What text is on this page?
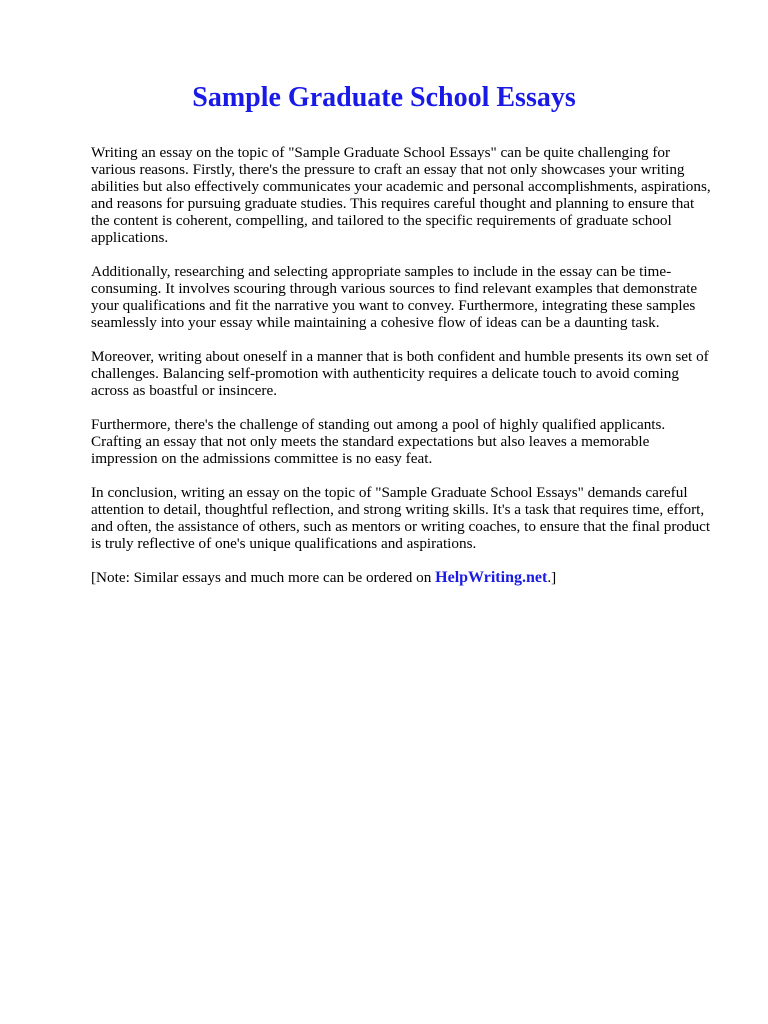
Sample Graduate School Essays

Writing an essay on the topic of "Sample Graduate School Essays" can be quite challenging for various reasons. Firstly, there's the pressure to craft an essay that not only showcases your writing abilities but also effectively communicates your academic and personal accomplishments, aspirations, and reasons for pursuing graduate studies. This requires careful thought and planning to ensure that the content is coherent, compelling, and tailored to the specific requirements of graduate school applications.

Additionally, researching and selecting appropriate samples to include in the essay can be time-consuming. It involves scouring through various sources to find relevant examples that demonstrate your qualifications and fit the narrative you want to convey. Furthermore, integrating these samples seamlessly into your essay while maintaining a cohesive flow of ideas can be a daunting task.

Moreover, writing about oneself in a manner that is both confident and humble presents its own set of challenges. Balancing self-promotion with authenticity requires a delicate touch to avoid coming across as boastful or insincere.

Furthermore, there's the challenge of standing out among a pool of highly qualified applicants. Crafting an essay that not only meets the standard expectations but also leaves a memorable impression on the admissions committee is no easy feat.

In conclusion, writing an essay on the topic of "Sample Graduate School Essays" demands careful attention to detail, thoughtful reflection, and strong writing skills. It's a task that requires time, effort, and often, the assistance of others, such as mentors or writing coaches, to ensure that the final product is truly reflective of one's unique qualifications and aspirations.

[Note: Similar essays and much more can be ordered on HelpWriting.net.]
